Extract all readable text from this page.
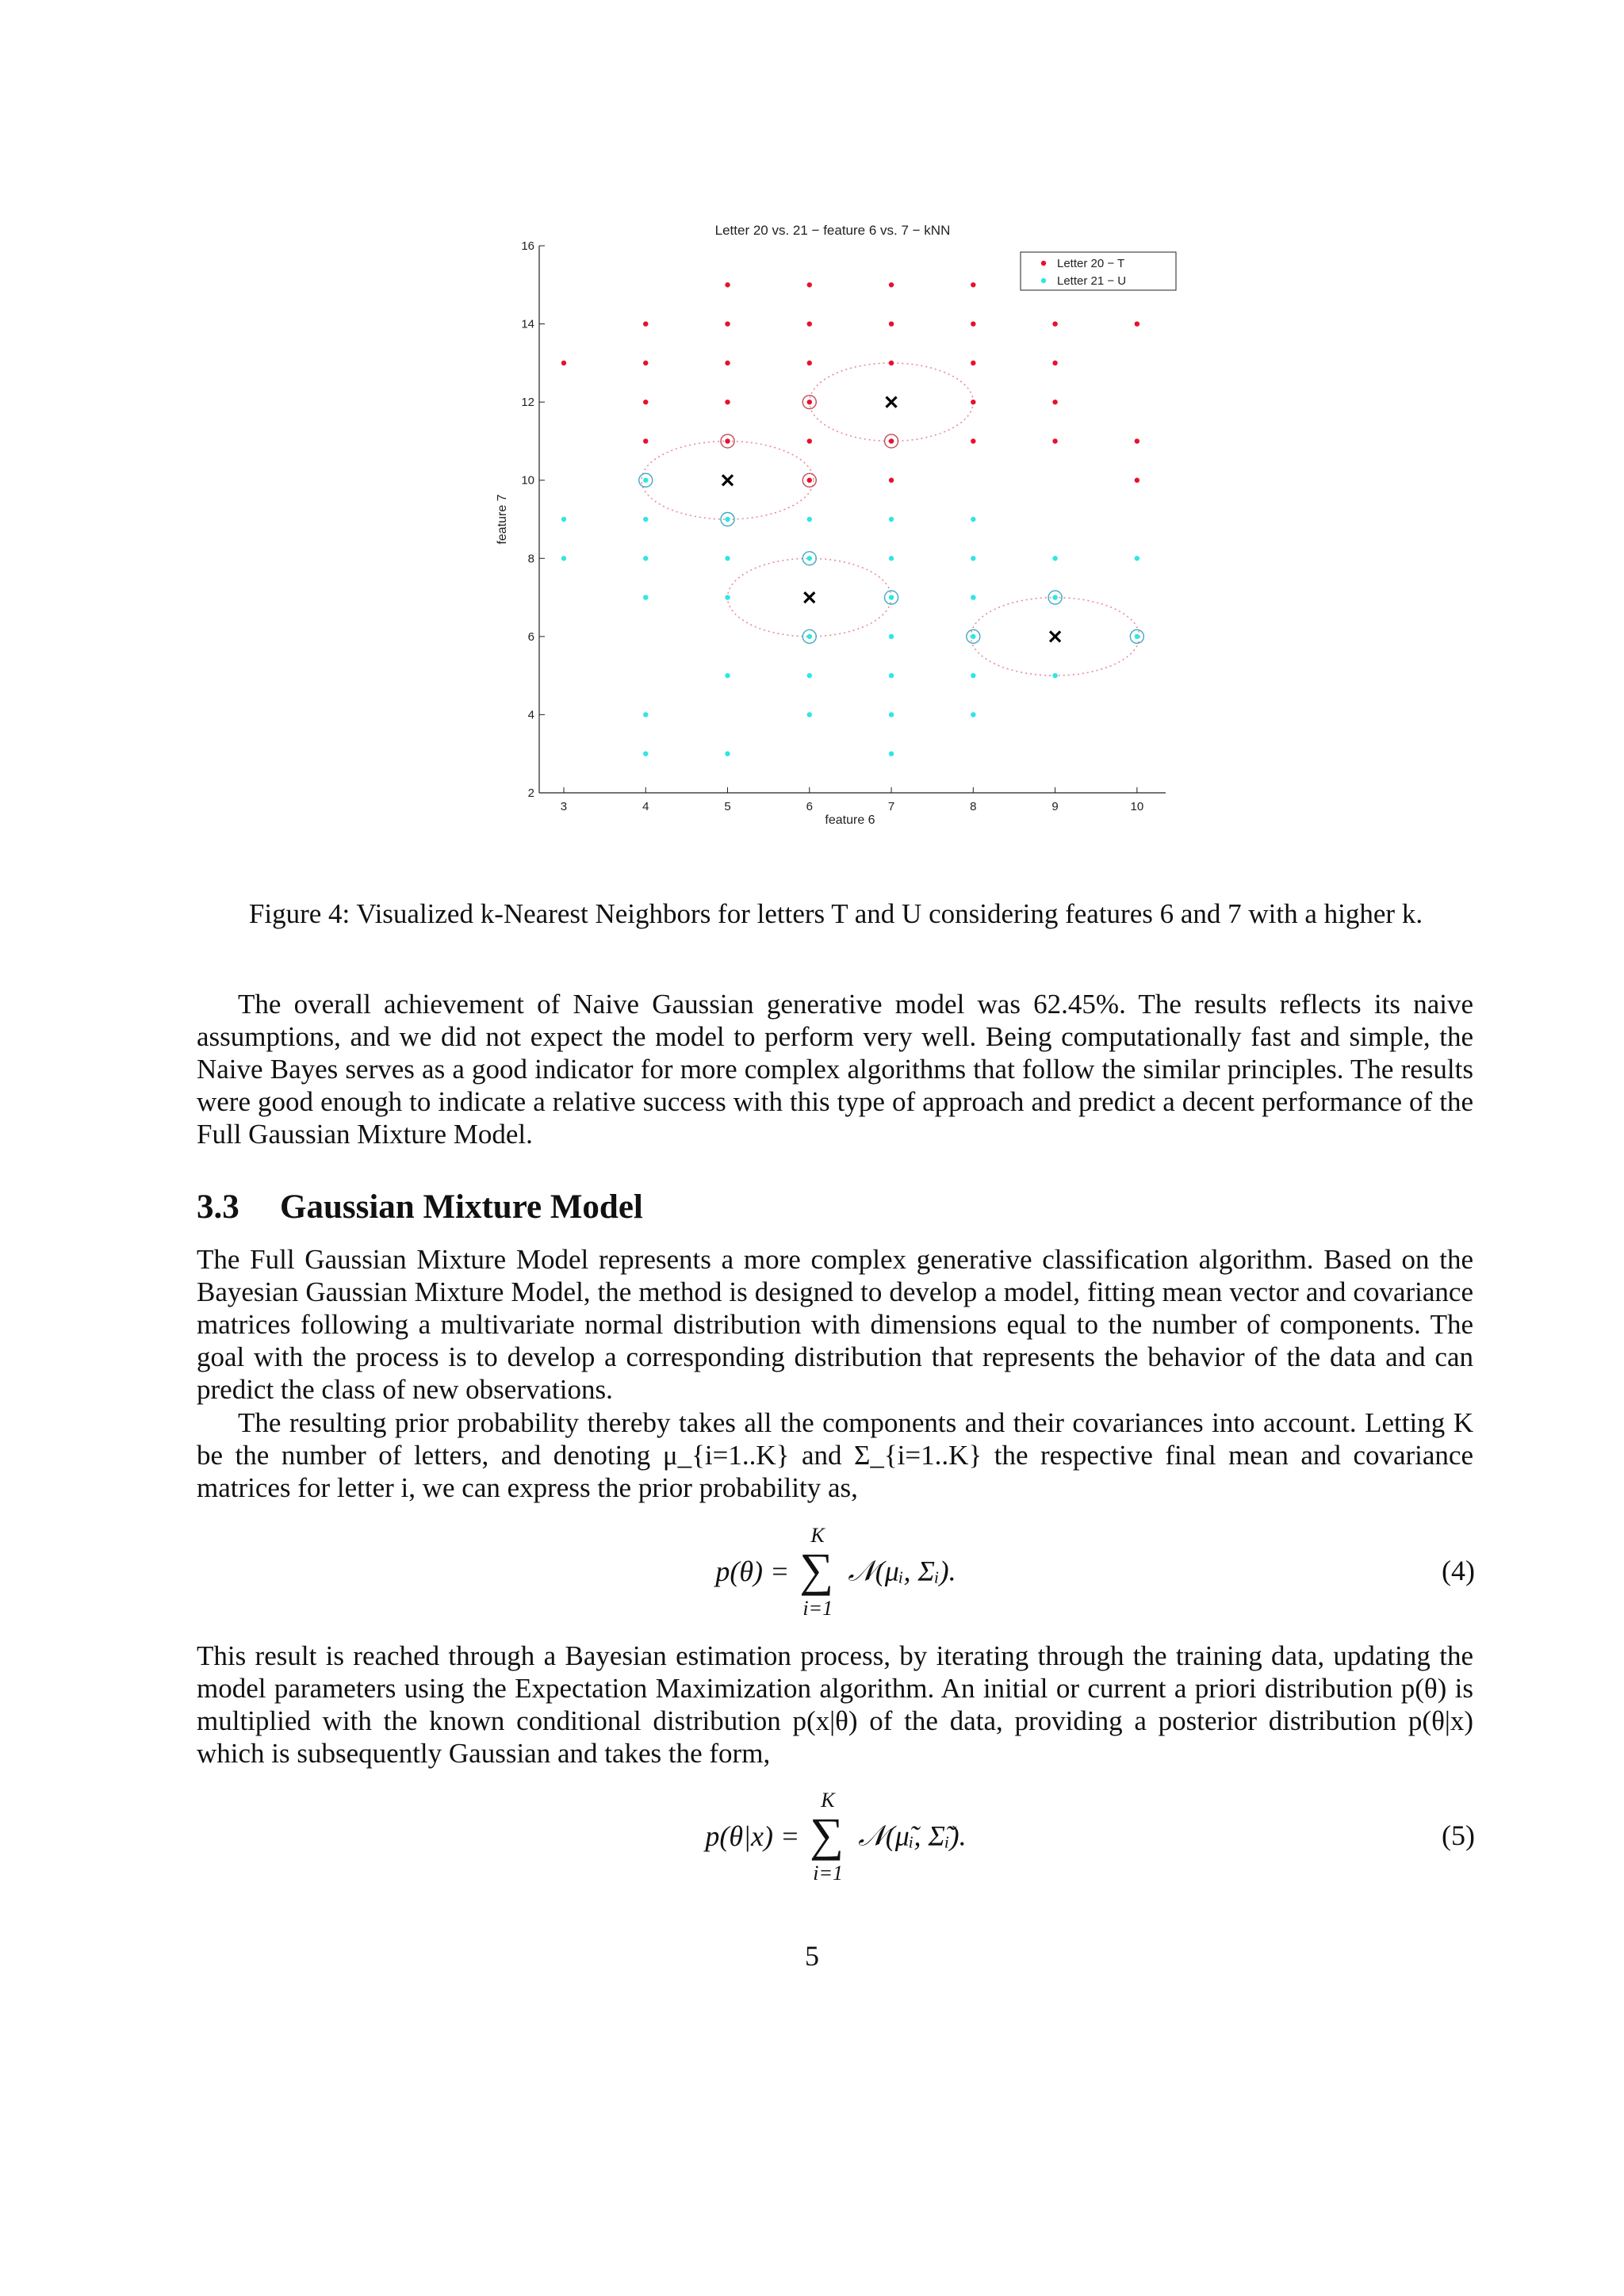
Letter 20 vs. 21 − feature 6 vs. 7 − kNN
feature 7
feature 6
3	4	5	6	7	8	9	10
2
4
6
8
10
12
14
16
Letter 20 − T
Letter 21 − U
Figure 4: Visualized k-Nearest Neighbors for letters T and U considering features 6 and 7 with a higher k.

The overall achievement of Naive Gaussian generative model was 62.45%. The results reflects its naive assumptions, and we did not expect the model to perform very well. Being computationally fast and simple, the Naive Bayes serves as a good indicator for more complex algorithms that follow the similar principles. The results were good enough to indicate a relative success with this type of approach and predict a decent performance of the Full Gaussian Mixture Model.

3.3 Gaussian Mixture Model

The Full Gaussian Mixture Model represents a more complex generative classification algorithm. Based on the Bayesian Gaussian Mixture Model, the method is designed to develop a model, fitting mean vector and covariance matrices following a multivariate normal distribution with dimensions equal to the number of components. The goal with the process is to develop a corresponding distribution that represents the behavior of the data and can predict the class of new observations.

The resulting prior probability thereby takes all the components and their covariances into account. Letting K be the number of letters, and denoting μ_{i=1..K} and Σ_{i=1..K} the respective final mean and covariance matrices for letter i, we can express the prior probability as,

p(θ) =
K
∑
i=1
𝒩(μᵢ, Σᵢ).	(4)

This result is reached through a Bayesian estimation process, by iterating through the training data, updating the model parameters using the Expectation Maximization algorithm. An initial or current a priori distribution p(θ) is multiplied with the known conditional distribution p(x|θ) of the data, providing a posterior distribution p(θ|x) which is subsequently Gaussian and takes the form,

p(θ|x) =
K
∑
i=1
𝒩(μ̃ᵢ, Σ̃ᵢ).	(5)
5
